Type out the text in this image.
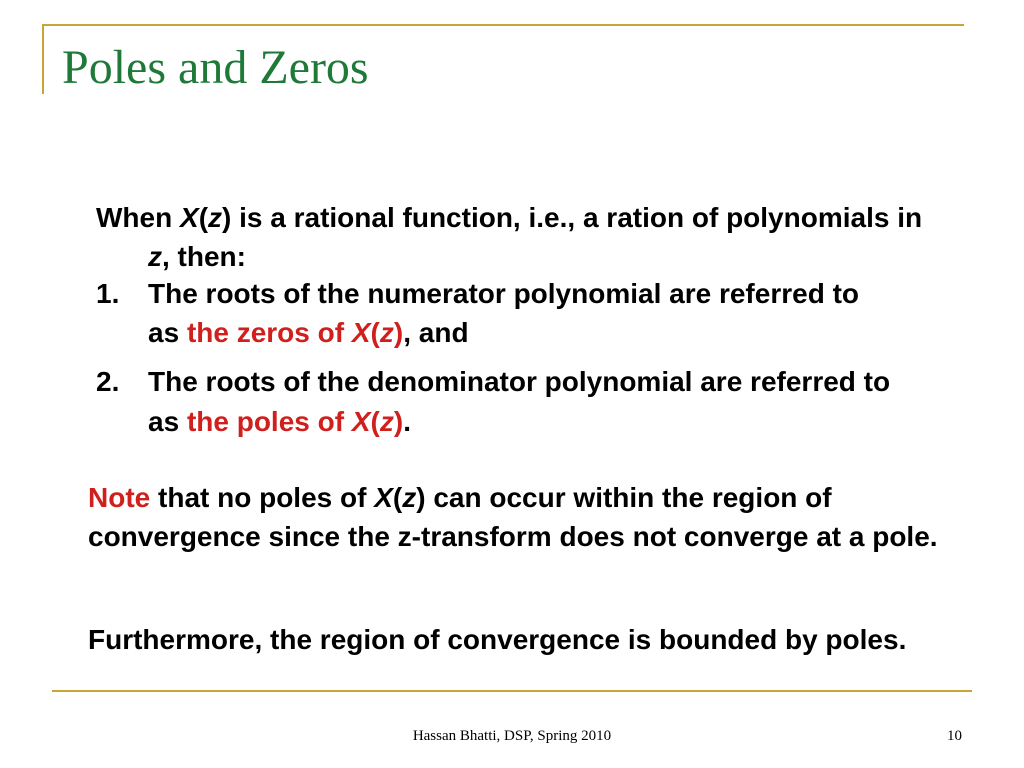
Poles and Zeros

When X(z) is a rational function, i.e., a ration of polynomials in z, then:

1. The roots of the numerator polynomial are referred to as the zeros of X(z), and
2. The roots of the denominator polynomial are referred to as the poles of X(z).

Note that no poles of X(z) can occur within the region of convergence since the z-transform does not converge at a pole.

Furthermore, the region of convergence is bounded by poles.

Hassan Bhatti, DSP, Spring 2010	10
